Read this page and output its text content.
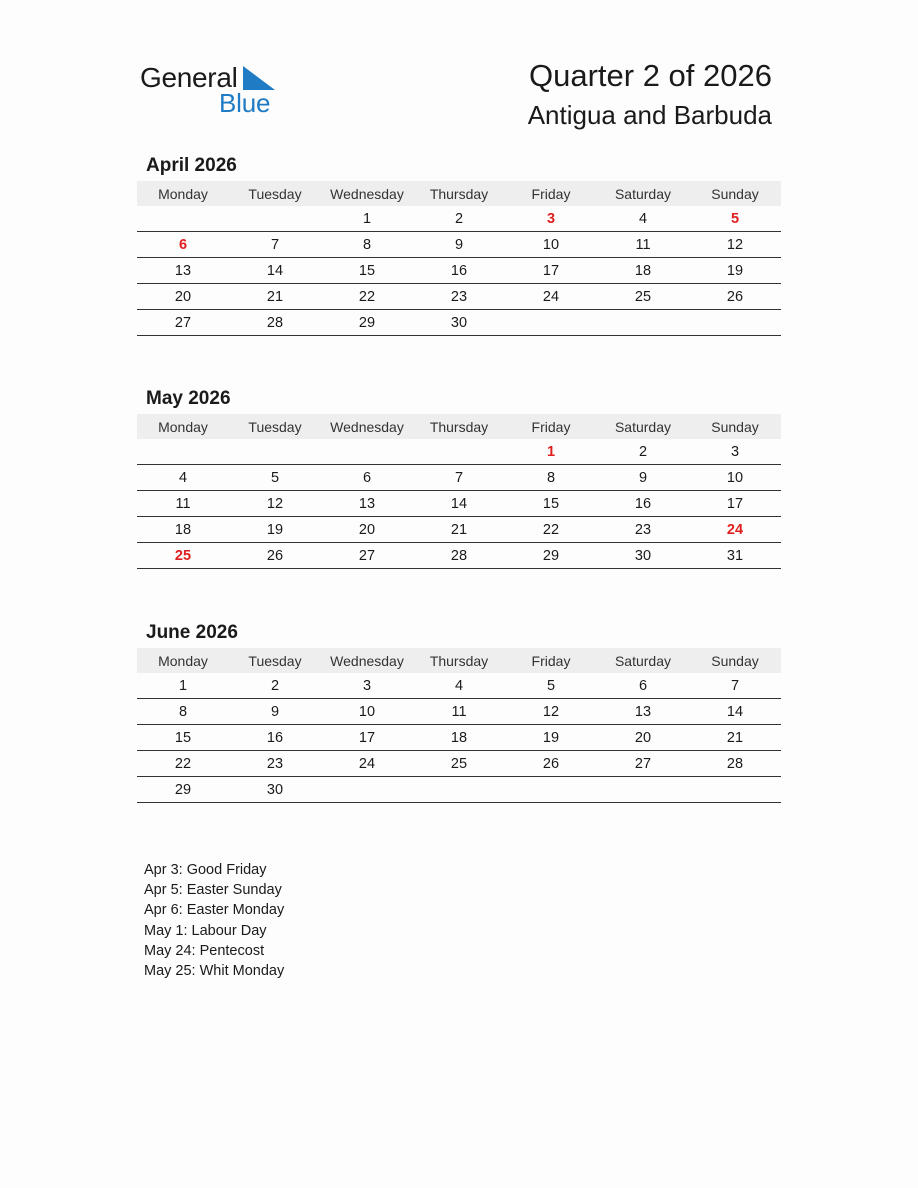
General
Blue
Quarter 2 of 2026
Antigua and Barbuda
April 2026
Monday	Tuesday	Wednesday	Thursday	Friday	Saturday	Sunday
		1	2	3	4	5
6	7	8	9	10	11	12
13	14	15	16	17	18	19
20	21	22	23	24	25	26
27	28	29	30			
May 2026
Monday	Tuesday	Wednesday	Thursday	Friday	Saturday	Sunday
				1	2	3
4	5	6	7	8	9	10
11	12	13	14	15	16	17
18	19	20	21	22	23	24
25	26	27	28	29	30	31
June 2026
Monday	Tuesday	Wednesday	Thursday	Friday	Saturday	Sunday
1	2	3	4	5	6	7
8	9	10	11	12	13	14
15	16	17	18	19	20	21
22	23	24	25	26	27	28
29	30					
Apr 3: Good Friday
Apr 5: Easter Sunday
Apr 6: Easter Monday
May 1: Labour Day
May 24: Pentecost
May 25: Whit Monday
